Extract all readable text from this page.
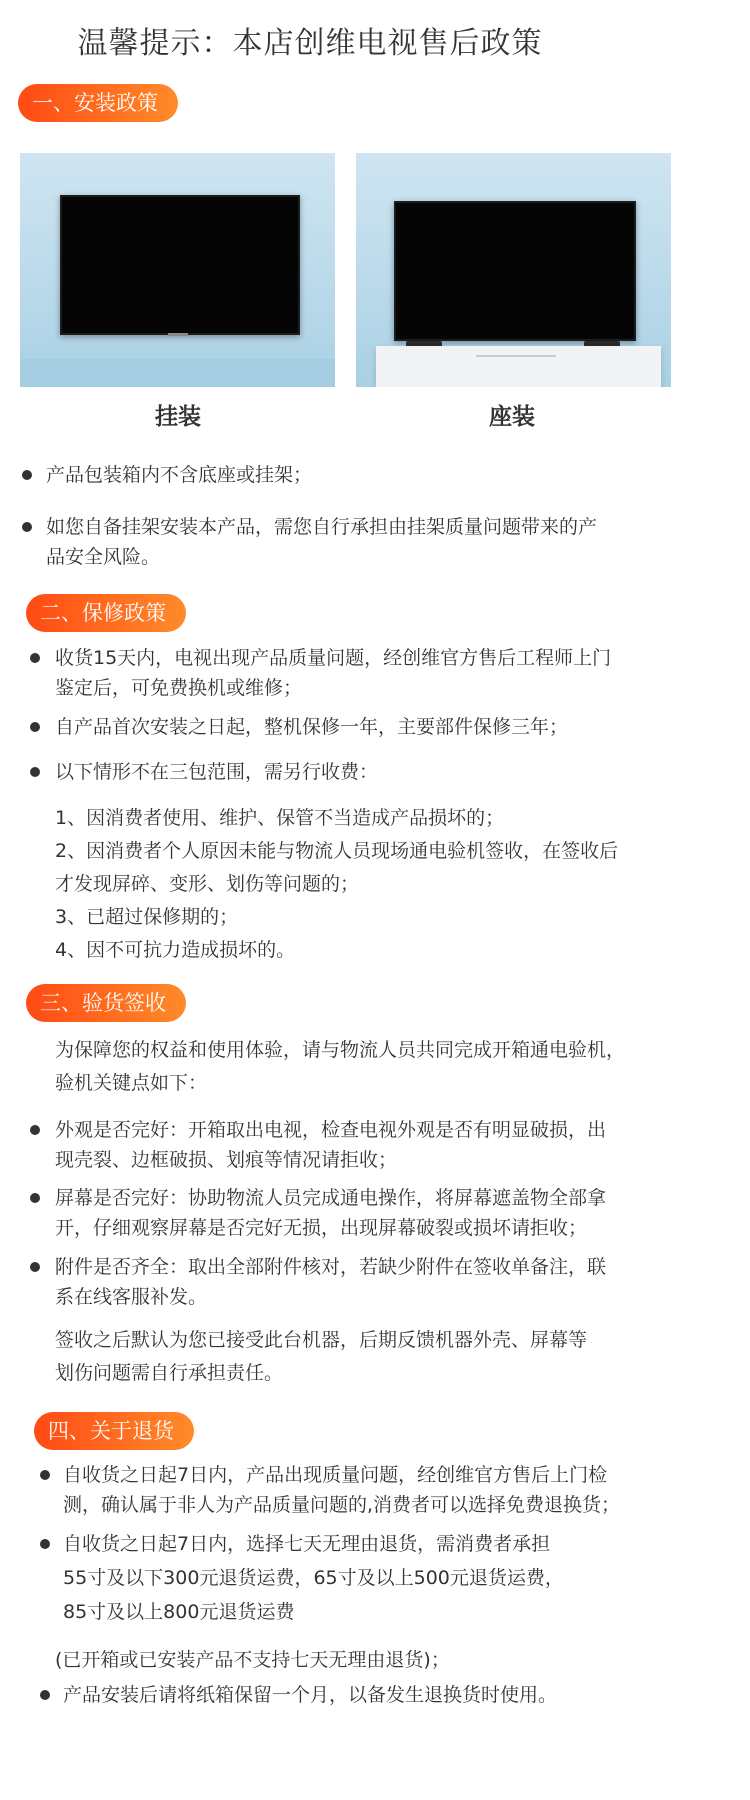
温馨提示：本店创维电视售后政策
一、安装政策
挂装	座装
产品包装箱内不含底座或挂架；
如您自备挂架安装本产品，需您自行承担由挂架质量问题带来的产
品安全风险。
二、保修政策
收货15天内，电视出现产品质量问题，经创维官方售后工程师上门
鉴定后，可免费换机或维修；
自产品首次安装之日起，整机保修一年，主要部件保修三年；
以下情形不在三包范围，需另行收费：
1、因消费者使用、维护、保管不当造成产品损坏的；
2、因消费者个人原因未能与物流人员现场通电验机签收，在签收后
才发现屏碎、变形、划伤等问题的；
3、已超过保修期的；
4、因不可抗力造成损坏的。
三、验货签收
为保障您的权益和使用体验，请与物流人员共同完成开箱通电验机，
验机关键点如下：
外观是否完好：开箱取出电视，检查电视外观是否有明显破损，出
现壳裂、边框破损、划痕等情况请拒收；
屏幕是否完好：协助物流人员完成通电操作，将屏幕遮盖物全部拿
开，仔细观察屏幕是否完好无损，出现屏幕破裂或损坏请拒收；
附件是否齐全：取出全部附件核对，若缺少附件在签收单备注，联
系在线客服补发。
签收之后默认为您已接受此台机器，后期反馈机器外壳、屏幕等
划伤问题需自行承担责任。
四、关于退货
自收货之日起7日内，产品出现质量问题，经创维官方售后上门检
测，确认属于非人为产品质量问题的,消费者可以选择免费退换货；
自收货之日起7日内，选择七天无理由退货，需消费者承担
55寸及以下300元退货运费，65寸及以上500元退货运费，
85寸及以上800元退货运费
(已开箱或已安装产品不支持七天无理由退货)；
产品安装后请将纸箱保留一个月，以备发生退换货时使用。
